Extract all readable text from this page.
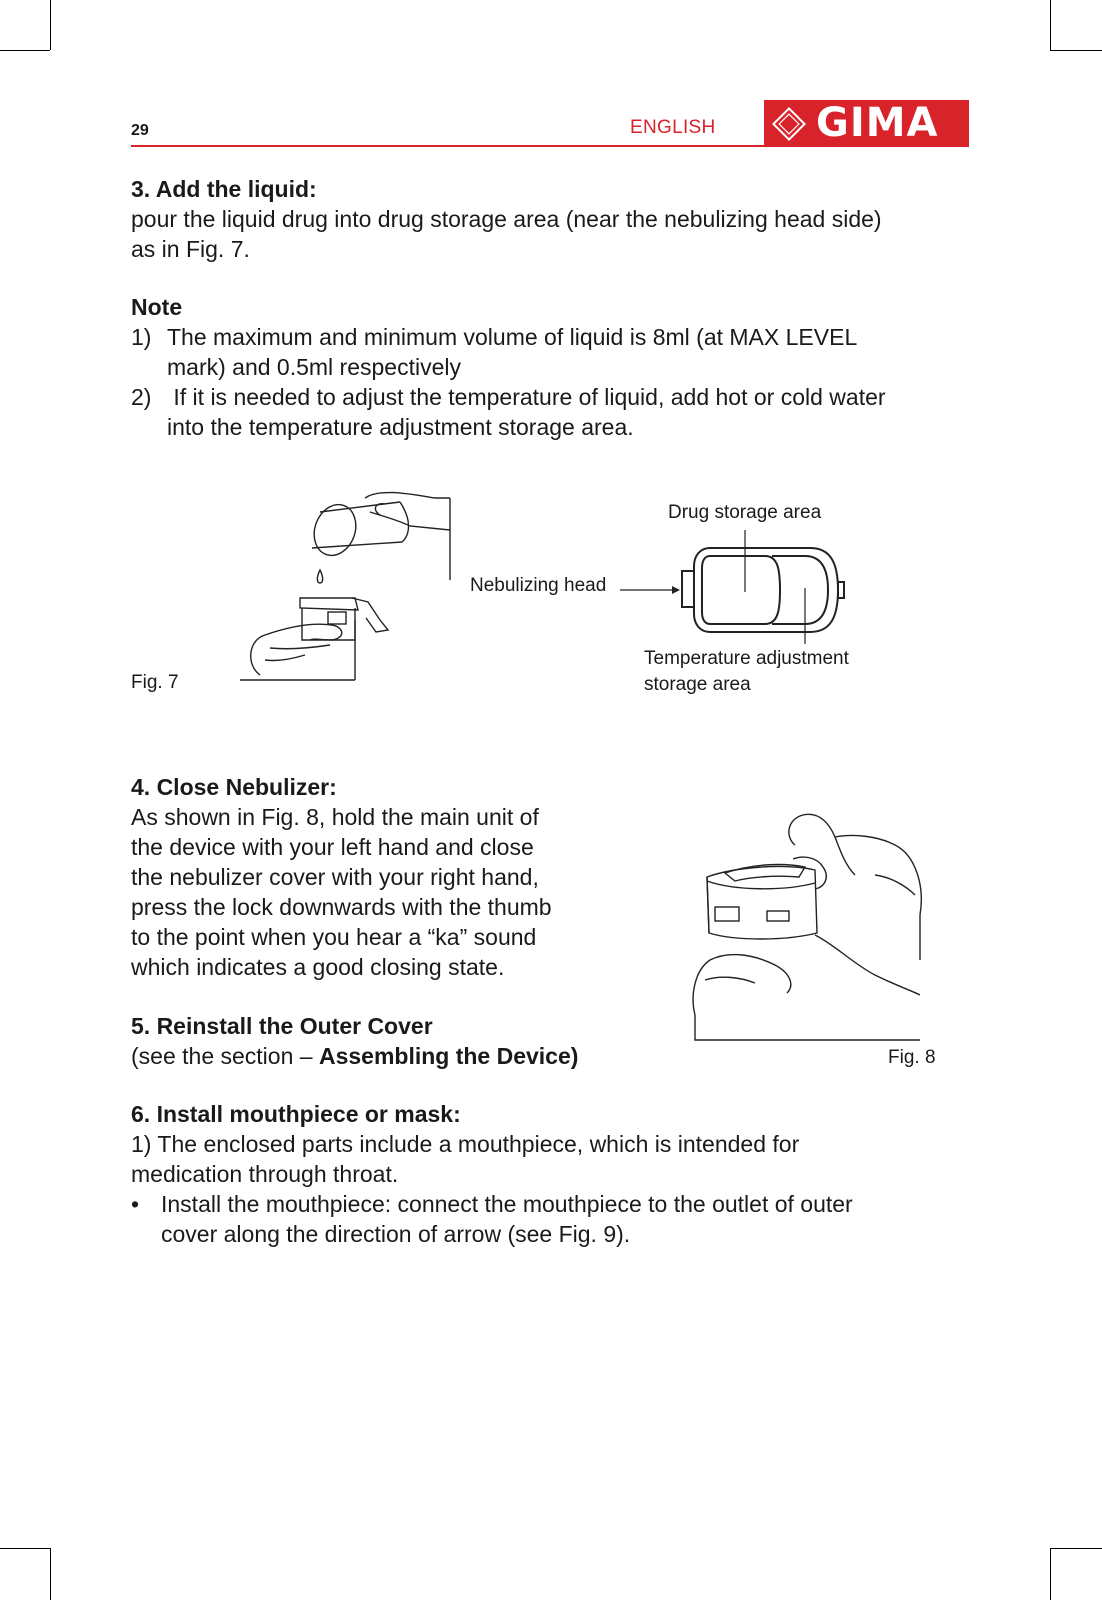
29	ENGLISH	GIMA
3. Add the liquid:
pour the liquid drug into drug storage area (near the nebulizing head side)
as in Fig. 7.
Note
1) The maximum and minimum volume of liquid is 8ml (at MAX LEVEL
mark) and 0.5ml respectively
2) If it is needed to adjust the temperature of liquid, add hot or cold water
into the temperature adjustment storage area.
Fig. 7
Drug storage area
Nebulizing head
Temperature adjustment
storage area
4. Close Nebulizer:
As shown in Fig. 8, hold the main unit of
the device with your left hand and close
the nebulizer cover with your right hand,
press the lock downwards with the thumb
to the point when you hear a “ka” sound
which indicates a good closing state.
Fig. 8
5. Reinstall the Outer Cover
(see the section – Assembling the Device)
6. Install mouthpiece or mask:
1) The enclosed parts include a mouthpiece, which is intended for
medication through throat.
• Install the mouthpiece: connect the mouthpiece to the outlet of outer
cover along the direction of arrow (see Fig. 9).
